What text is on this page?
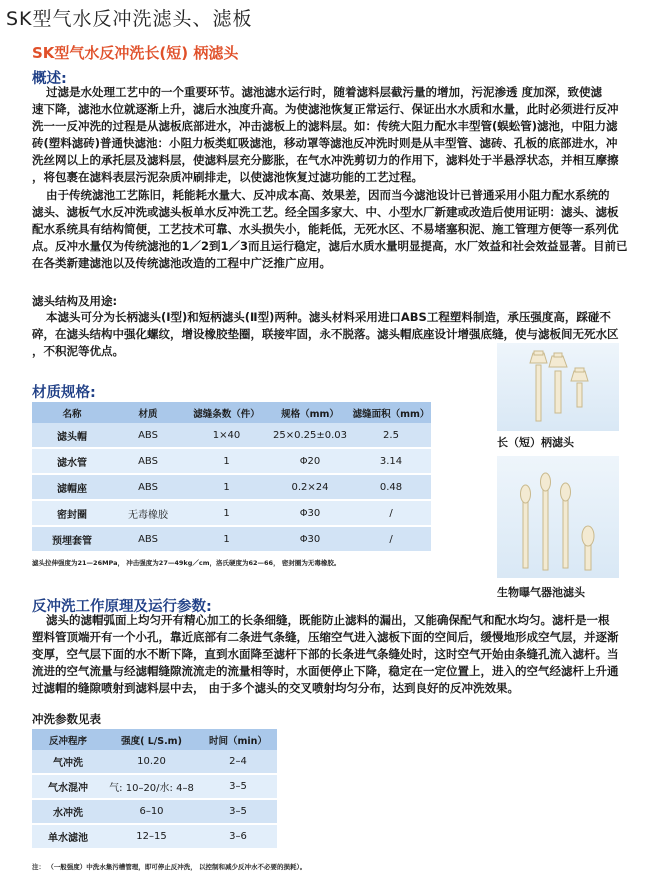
SK型气水反冲洗滤头、滤板
SK型气水反冲洗长(短) 柄滤头
概述:
过滤是水处理工艺中的一个重要环节。滤池滤水运行时，随着滤料层截污量的增加，污泥渗透 度加深，致使滤
速下降，滤池水位就逐渐上升，滤后水浊度升高。为使滤池恢复正常运行、保证出水水质和水量，此时必须进行反冲
洗一一反冲洗的过程是从滤板底部进水，冲击滤板上的滤料层。如：传统大阻力配水丰型管(蜈蚣管)滤池，中阻力滤
砖(塑料滤砖)普通快滤池：小阻力板类虹吸滤池，移动罩等滤池反冲洗时则是从丰型管、滤砖、孔板的底部进水，冲
洗丝网以上的承托层及滤料层，使滤料层充分膨胀，在气水冲洗剪切力的作用下，滤料处于半悬浮状态，并相互摩擦
，将包裹在滤料表层污泥杂质冲刷排走，以使滤池恢复过滤功能的工艺过程。
由于传统滤池工艺陈旧，耗能耗水量大、反冲成本高、效果差，因而当今滤池设计已普通采用小阻力配水系统的
滤头、滤板气水反冲洗或滤头板单水反冲洗工艺。经全国多家大、中、小型水厂新建或改造后使用证明：滤头、滤板
配水系统具有结构简便，工艺技术可靠、水头损失小，能耗低，无死水区、不易堵塞积泥、施工管理方便等一系列优
点。反冲水量仅为传统滤池的1／2到1／3而且运行稳定，滤后水质水量明显提高，水厂效益和社会效益显著。目前已
在各类新建滤池以及传统滤池改造的工程中广泛推广应用。
滤头结构及用途:
本滤头可分为长柄滤头(Ⅰ型)和短柄滤头(Ⅱ型)两种。滤头材料采用进口ABS工程塑料制造，承压强度高，踩碰不
碎，在滤头结构中强化螺纹，增设橡胶垫圈，联接牢固，永不脱落。滤头帽底座设计增强底缝，使与滤板间无死水区
，不积泥等优点。
材质规格:
名称	材质	滤缝条数（件）	规格（mm）	滤缝面积（mm）
滤头帽	ABS	1×40	25×0.25±0.03	2.5
滤水管	ABS	1	Φ20	3.14
滤帽座	ABS	1	0.2×24	0.48
密封圈	无毒橡胶	1	Φ30	/
预埋套管	ABS	1	Φ30	/
滤头拉伸强度为21—26MPa， 冲击强度为27—49kg／cm，洛氏硬度为62—66， 密封圈为无毒橡胶。
长（短）柄滤头
生物曝气器池滤头
反冲洗工作原理及运行参数:
滤头的滤帽弧面上均匀开有精心加工的长条细缝，既能防止滤料的漏出，又能确保配气和配水均匀。滤杆是一根
塑料管顶端开有一个小孔，靠近底部有二条进气条缝，压缩空气进入滤板下面的空间后，缓慢地形成空气层，并逐渐
变厚，空气层下面的水不断下降，直到水面降至滤杆下部的长条进气条缝处时，这时空气开始由条缝孔流入滤杆。当
流进的空气流量与经滤帽缝隙流流走的流量相等时，水面便停止下降，稳定在一定位置上，进入的空气经滤杆上升通
过滤帽的缝隙喷射到滤料层中去， 由于多个滤头的交叉喷射均匀分布，达到良好的反冲洗效果。
冲洗参数见表
反冲程序	强度( L/S.m)	时间（min）
气冲洗	10.20	2–4
气水混冲	气: 10–20/水: 4–8	3–5
水冲洗	6–10	3–5
单水滤池	12–15	3–6
注： （一般强度）中洗水集污槽管理，即可停止反冲洗， 以控制和减少反冲水不必要的损耗）。
